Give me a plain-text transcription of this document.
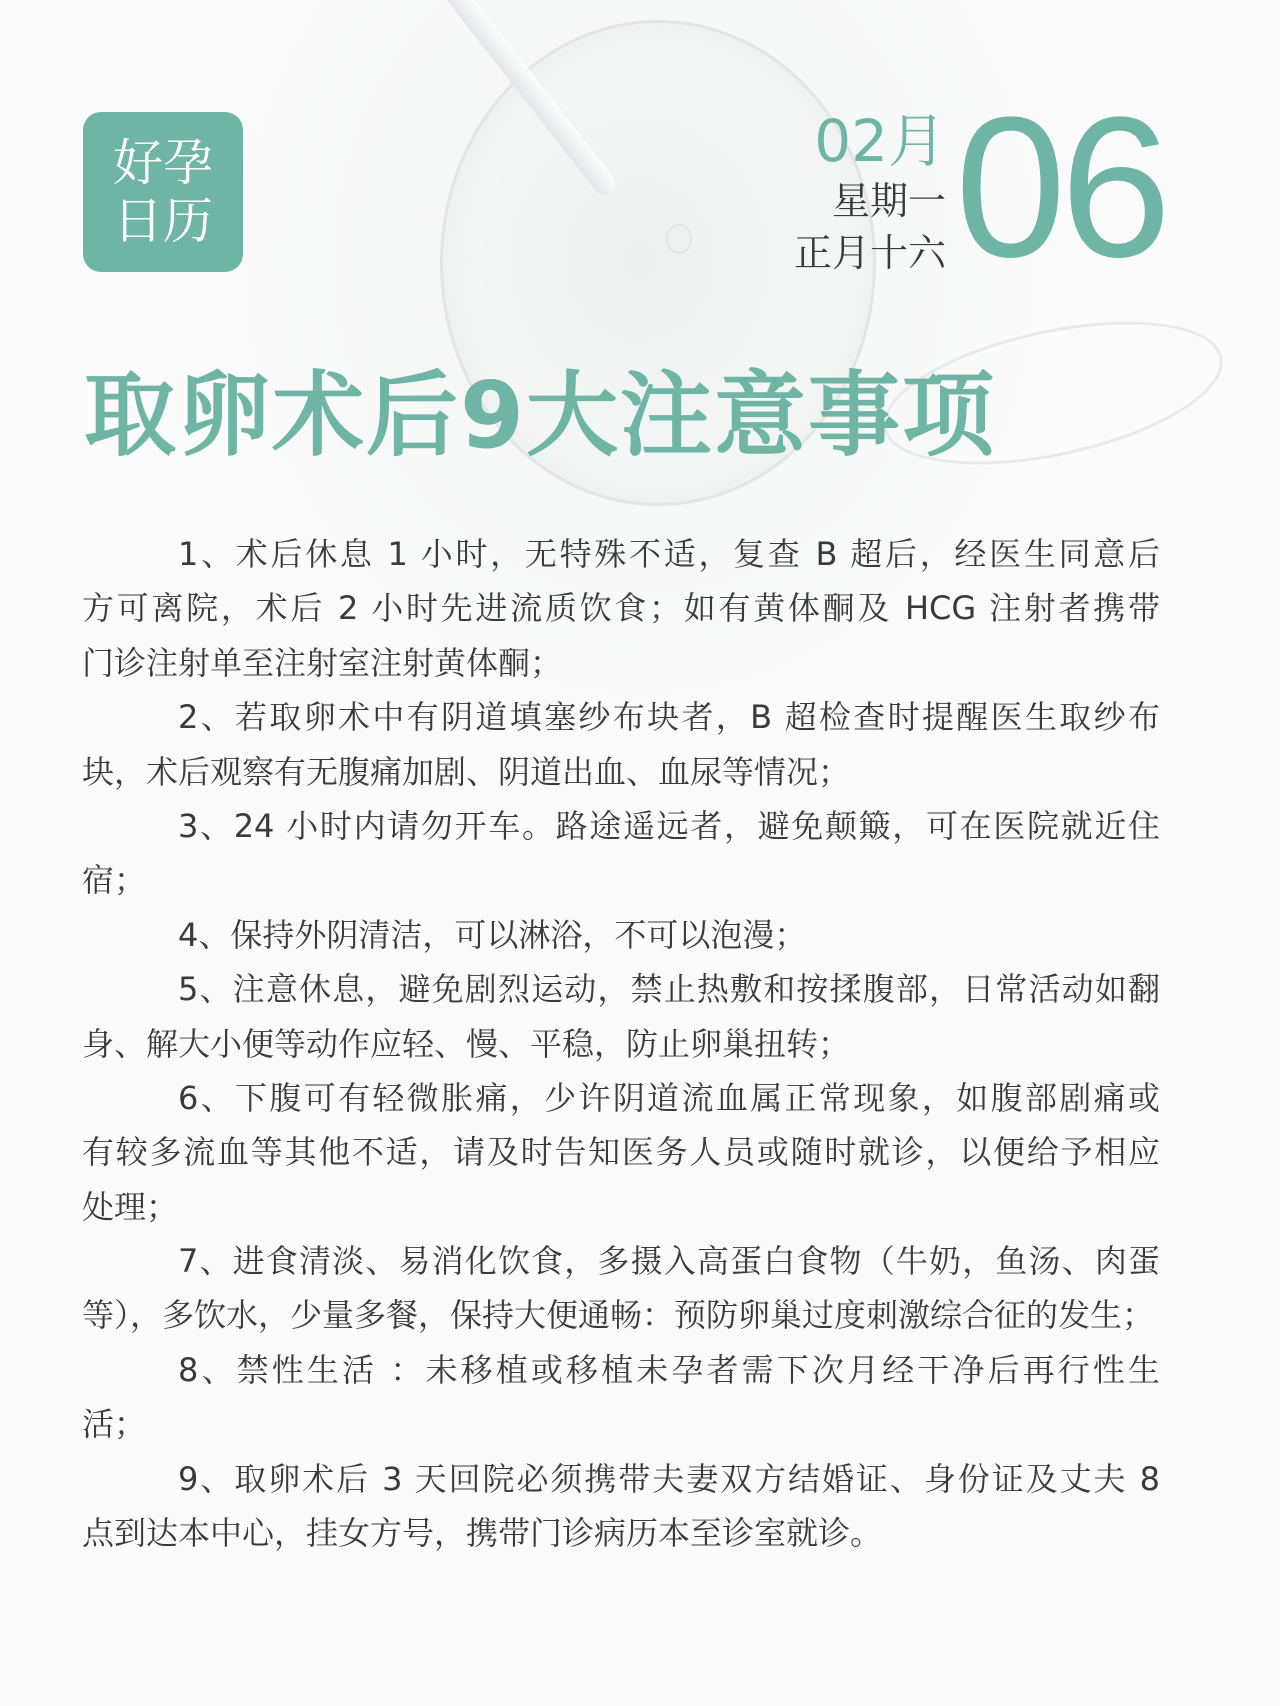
好孕
日历
02月
星期一
正月十六 06
取卵术后9大注意事项
1、术后休息 1 小时，无特殊不适，复查 B 超后，经医生同意后
方可离院，术后 2 小时先进流质饮食；如有黄体酮及 HCG 注射者携带
门诊注射单至注射室注射黄体酮；
2、若取卵术中有阴道填塞纱布块者，B 超检查时提醒医生取纱布
块，术后观察有无腹痛加剧、阴道出血、血尿等情况；
3、24 小时内请勿开车。路途遥远者，避免颠簸，可在医院就近住
宿；
4、保持外阴清洁，可以淋浴，不可以泡漫；
5、注意休息，避免剧烈运动，禁止热敷和按揉腹部，日常活动如翻
身、解大小便等动作应轻、慢、平稳，防止卵巢扭转；
6、下腹可有轻微胀痛，少许阴道流血属正常现象，如腹部剧痛或
有较多流血等其他不适，请及时告知医务人员或随时就诊，以便给予相应
处理；
7、进食清淡、易消化饮食，多摄入高蛋白食物（牛奶，鱼汤、肉蛋
等），多饮水，少量多餐，保持大便通畅：预防卵巢过度刺激综合征的发生；
8、禁性生活 ：未移植或移植未孕者需下次月经干净后再行性生
活；
9、取卵术后 3 天回院必须携带夫妻双方结婚证、身份证及丈夫 8
点到达本中心，挂女方号，携带门诊病历本至诊室就诊。
